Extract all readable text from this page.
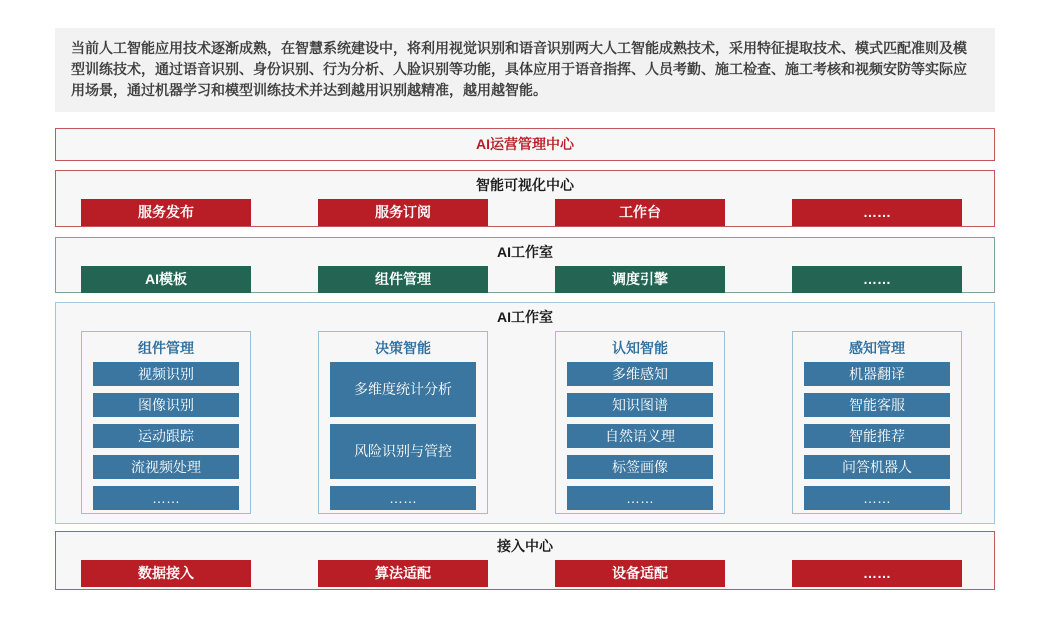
当前人工智能应用技术逐渐成熟，在智慧系统建设中，将利用视觉识别和语音识别两大人工智能成熟技术，采用特征提取技术、模式匹配准则及模型训练技术，通过语音识别、身份识别、行为分析、人脸识别等功能，具体应用于语音指挥、人员考勤、施工检查、施工考核和视频安防等实际应用场景，通过机器学习和模型训练技术并达到越用识别越精准，越用越智能。
AI运营管理中心
智能可视化中心
服务发布	服务订阅	工作台	……
AI工作室
AI模板	组件管理	调度引擎	……
AI工作室
组件管理
视频识别
图像识别
运动跟踪
流视频处理
……
决策智能
多维度统计分析
风险识别与管控
……
认知智能
多维感知
知识图谱
自然语义理
标签画像
……
感知管理
机器翻译
智能客服
智能推荐
问答机器人
……
接入中心
数据接入	算法适配	设备适配	……
